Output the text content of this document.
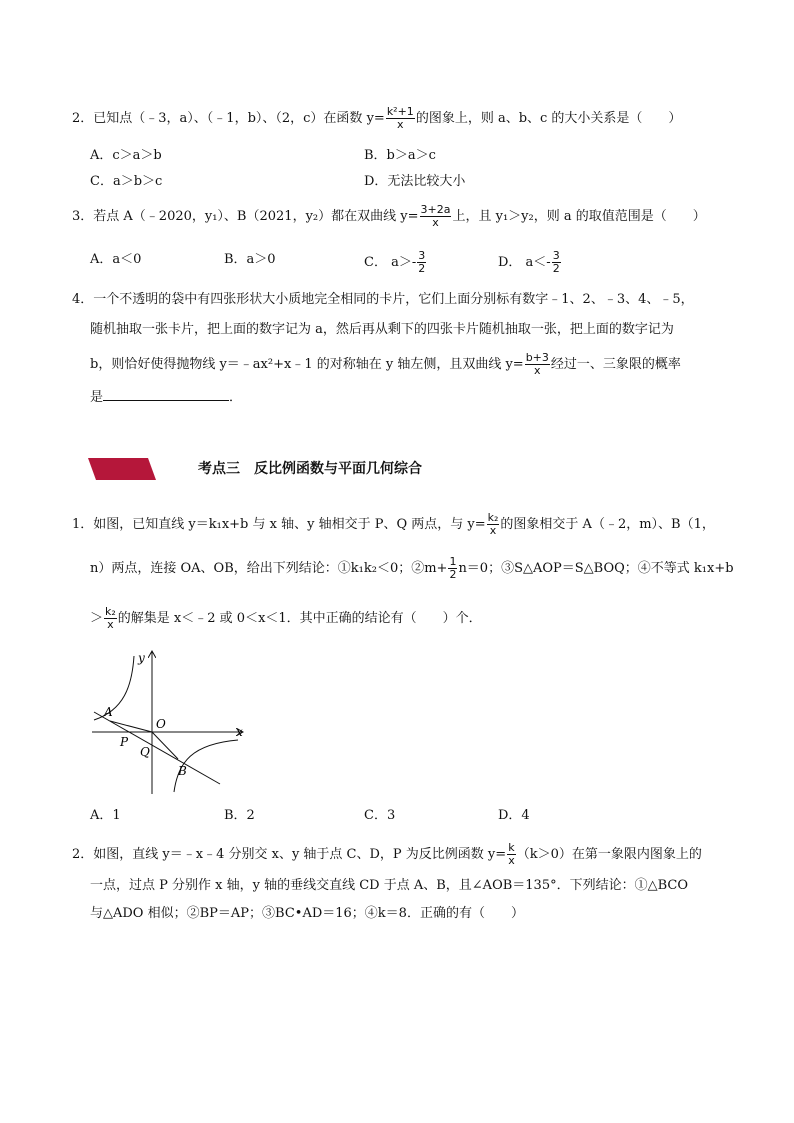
2．已知点（﹣3，a）、（﹣1，b）、（2，c）在函数 $y= \frac{\text{k²+1}}{x}$ 的图象上，则 a、b、c 的大小关系是（　　）
A．c＞a＞b	B．b＞a＞c
C．a＞b＞c	D．无法比较大小
3．若点 A（﹣2020，y₁）、B（2021，y₂）都在双曲线 $y= \frac{3+2a}{x}$ 上，且 y₁＞y₂，则 a 的取值范围是（　　）
A．a＜0	B．a＞0	C． $a>- \frac{3}{2}$	D． $a<- \frac{3}{2}$
4．一个不透明的袋中有四张形状大小质地完全相同的卡片，它们上面分别标有数字﹣1、2、﹣3、4、﹣5，
随机抽取一张卡片，把上面的数字记为 a，然后再从剩下的四张卡片随机抽取一张，把上面的数字记为
b，则恰好使得抛物线 y＝﹣ax²+x﹣1 的对称轴在 y 轴左侧，且双曲线 $y= \frac{b+3}{x}$ 经过一、三象限的概率
是	．
考点三 反比例函数与平面几何综合
1．如图，已知直线 y＝k₁x+b 与 x 轴、y 轴相交于 P、Q 两点，与 $y= \frac{\text{k₂}}{x}$ 的图象相交于 A（﹣2，m）、B（1，
n）两点，连接 OA、OB，给出下列结论：①k₁k₂＜0；②m+ $\frac{1}{2} n=0$；③S△AOP＝S△BOQ；④不等式 k₁x+b
＞ $\frac{\text{k₂}}{x}$ 的解集是 x＜﹣2 或 0＜x＜1．其中正确的结论有（　　）个．
y
x
A
O
P
Q
B
A．1	B．2	C．3	D．4
2．如图，直线 y＝﹣x﹣4 分别交 x、y 轴于点 C、D，P 为反比例函数 $y= \frac{k}{x} (k>0)$在第一象限内图象上的
一点，过点 P 分别作 x 轴，y 轴的垂线交直线 CD 于点 A、B，且∠AOB＝135°．下列结论：①△BCO
与△ADO 相似；②BP＝AP；③BC•AD＝16；④k＝8．正确的有（　　）
